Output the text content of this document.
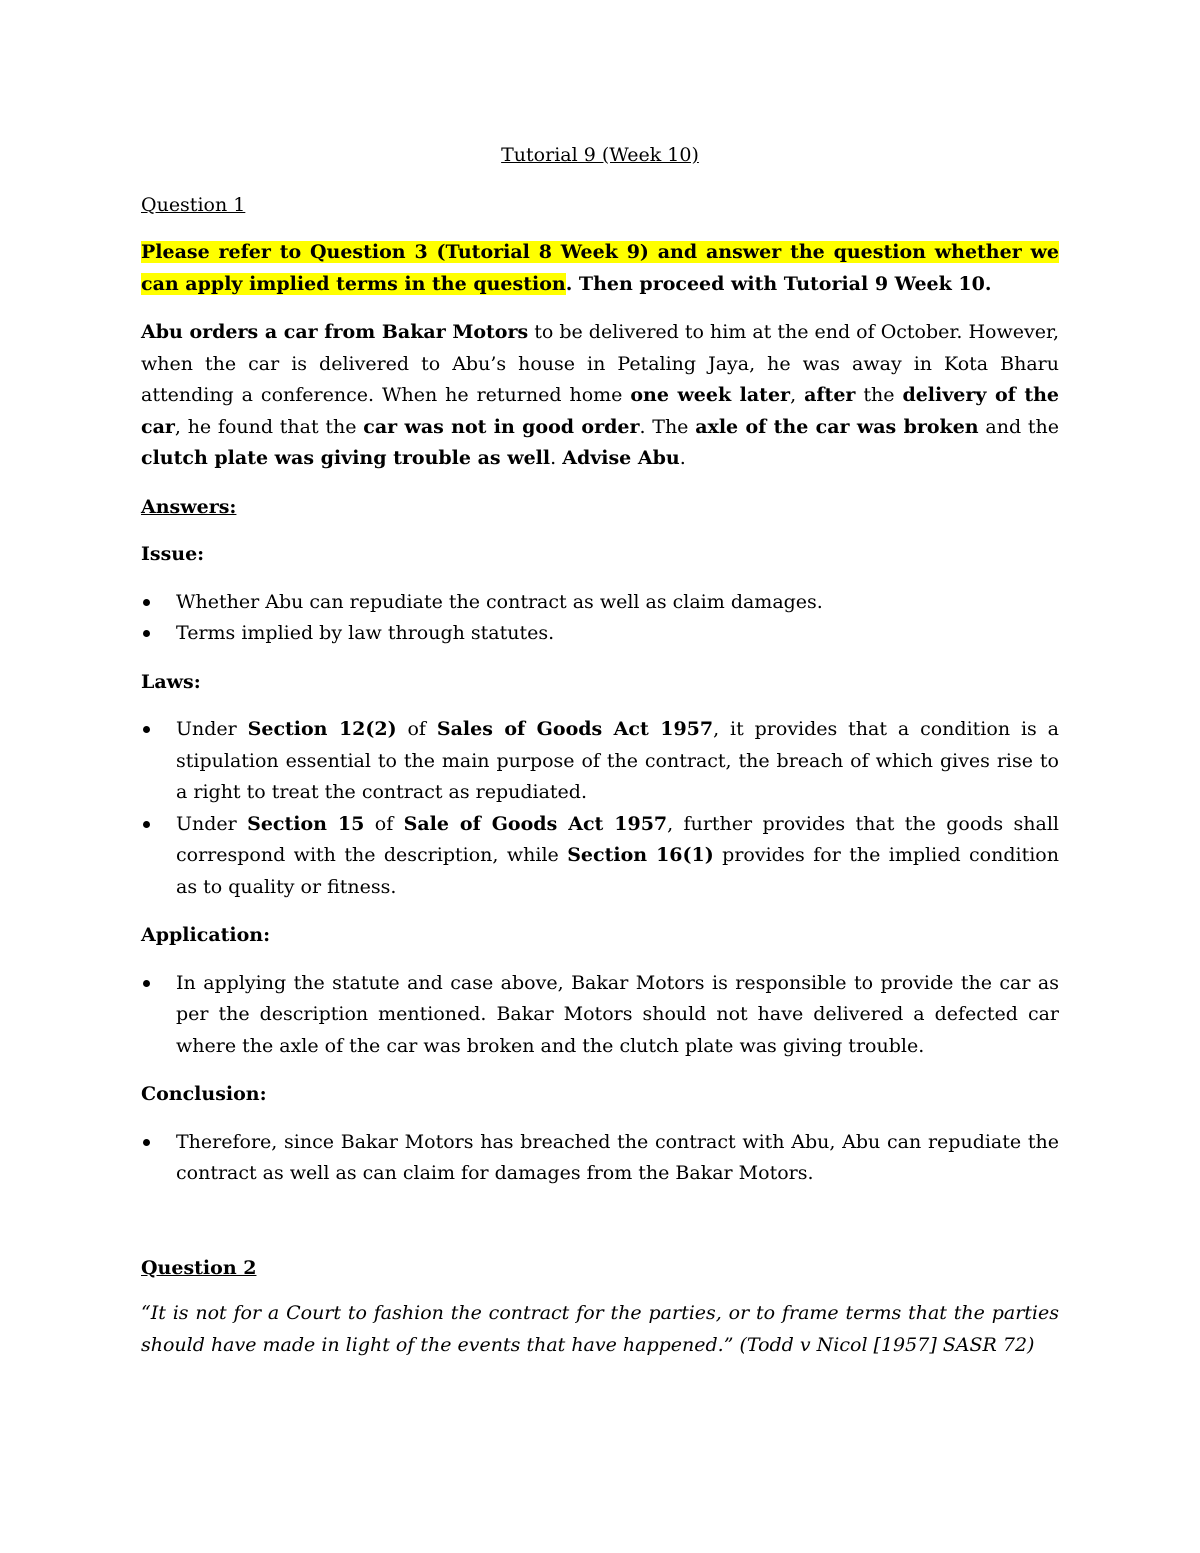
Tutorial 9 (Week 10)

Question 1

Please refer to Question 3 (Tutorial 8 Week 9) and answer the question whether we can apply implied terms in the question. Then proceed with Tutorial 9 Week 10.

Abu orders a car from Bakar Motors to be delivered to him at the end of October. However, when the car is delivered to Abu’s house in Petaling Jaya, he was away in Kota Bharu attending a conference. When he returned home one week later, after the delivery of the car, he found that the car was not in good order. The axle of the car was broken and the clutch plate was giving trouble as well. Advise Abu.

Answers:

Issue:

Whether Abu can repudiate the contract as well as claim damages.
Terms implied by law through statutes.

Laws:

Under Section 12(2) of Sales of Goods Act 1957, it provides that a condition is a stipulation essential to the main purpose of the contract, the breach of which gives rise to a right to treat the contract as repudiated.
Under Section 15 of Sale of Goods Act 1957, further provides that the goods shall correspond with the description, while Section 16(1) provides for the implied condition as to quality or fitness.

Application:

In applying the statute and case above, Bakar Motors is responsible to provide the car as per the description mentioned. Bakar Motors should not have delivered a defected car where the axle of the car was broken and the clutch plate was giving trouble.

Conclusion:

Therefore, since Bakar Motors has breached the contract with Abu, Abu can repudiate the contract as well as can claim for damages from the Bakar Motors.

Question 2

“It is not for a Court to fashion the contract for the parties, or to frame terms that the parties should have made in light of the events that have happened.” (Todd v Nicol [1957] SASR 72)
